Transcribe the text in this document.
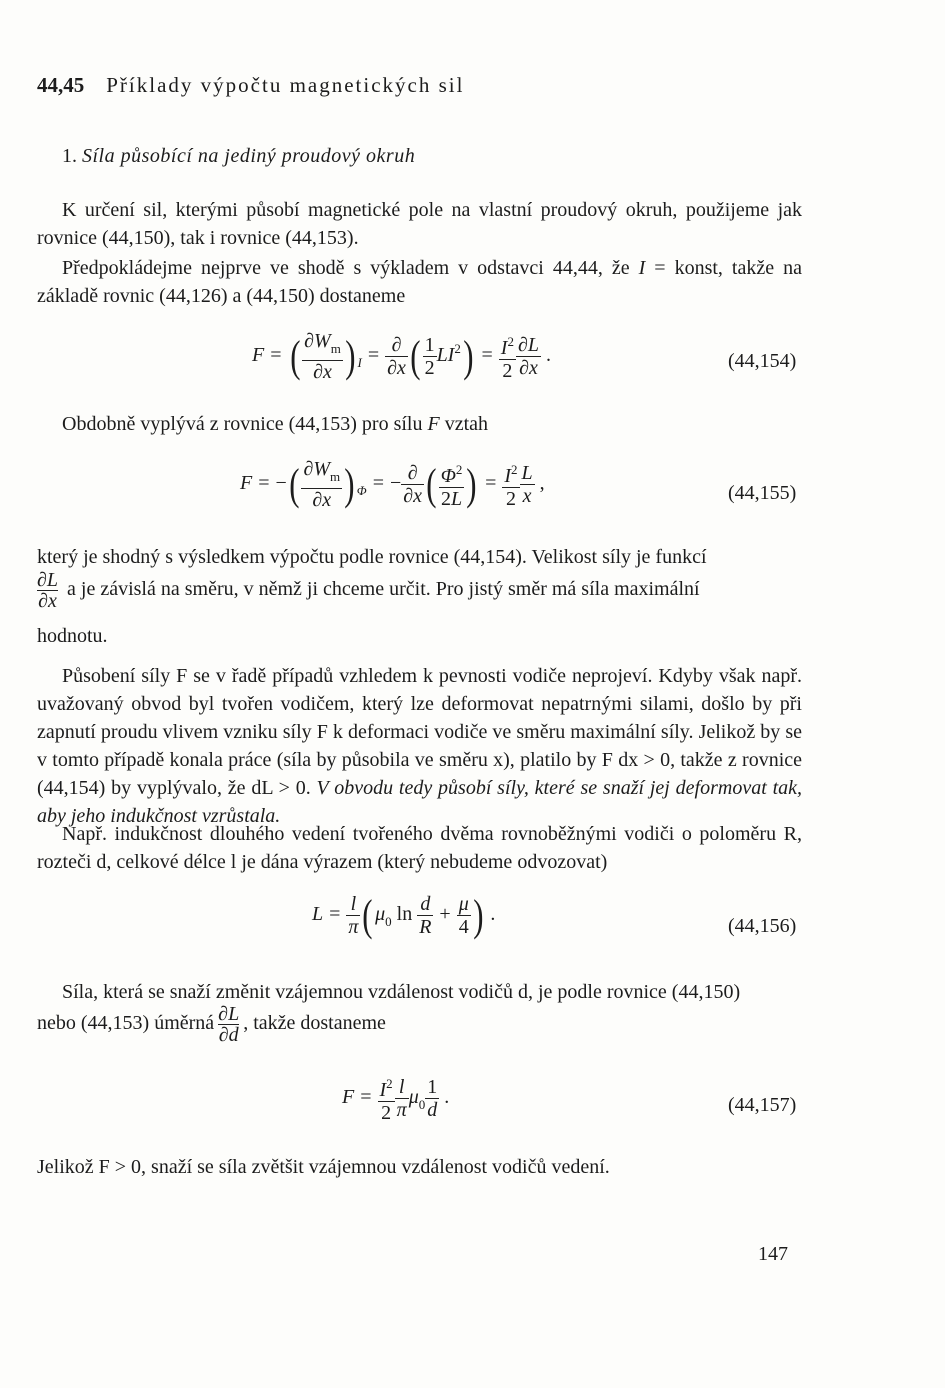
44,45 Příklady výpočtu magnetických sil
1. Síla působící na jediný proudový okruh
K určení sil, kterými působí magnetické pole na vlastní proudový okruh, použijeme jak rovnice (44,150), tak i rovnice (44,153).
Předpokládejme nejprve ve shodě s výkladem v odstavci 44,44, že I = konst, takže na základě rovnic (44,126) a (44,150) dostaneme
F = ( $\frac{\partial W_m}{\partial x}$ ) $_I = \frac{\partial}{\partial x}$ ( $\frac{1}{2} LI^2) = \frac{I^2}{2} \frac{\partial L}{\partial x}$ .	(44,154)
Obdobně vyplývá z rovnice (44,153) pro sílu F vztah
F = −( $\frac{\partial W_m}{\partial x}$ ) $_\Phi$ = − $\frac{\partial}{\partial x}$ ( $\frac{\Phi^2}{2L}$ ) = $\frac{I^2}{2} \frac{L}{x}$ ,	(44,155)
který je shodný s výsledkem výpočtu podle rovnice (44,154). Velikost síly je funkcí
$\frac{\partial L}{\partial x}$ a je závislá na směru, v němž ji chceme určit. Pro jistý směr má síla maximální
hodnotu.
Působení síly F se v řadě případů vzhledem k pevnosti vodiče neprojeví. Kdyby však např. uvažovaný obvod byl tvořen vodičem, který lze deformovat nepatrnými silami, došlo by při zapnutí proudu vlivem vzniku síly F k deformaci vodiče ve směru maximální síly. Jelikož by se v tomto případě konala práce (síla by působila ve směru x), platilo by F dx > 0, takže z rovnice (44,154) by vyplývalo, že dL > 0. V obvodu tedy působí síly, které se snaží jej deformovat tak, aby jeho indukčnost vzrůstala.
Např. indukčnost dlouhého vedení tvořeného dvěma rovnoběžnými vodiči o poloměru R, rozteči d, celkové délce l je dána výrazem (který nebudeme odvozovat)
$L = \frac{l}{\pi}$ ( $\mu_0$ $\ln \frac{d}{R} + \frac{\mu}{4}$ ) .
(44,156)
Síla, která se snaží změnit vzájemnou vzdálenost vodičů d, je podle rovnice (44,150)
nebo (44,153) úměrná $\frac{\partial L}{\partial d}$ , takže dostaneme
$F = \frac{I^2}{2} \frac{l}{\pi} \mu_0 \frac{1}{d}$ .	(44,157)
Jelikož F > 0, snaží se síla zvětšit vzájemnou vzdálenost vodičů vedení.
147
